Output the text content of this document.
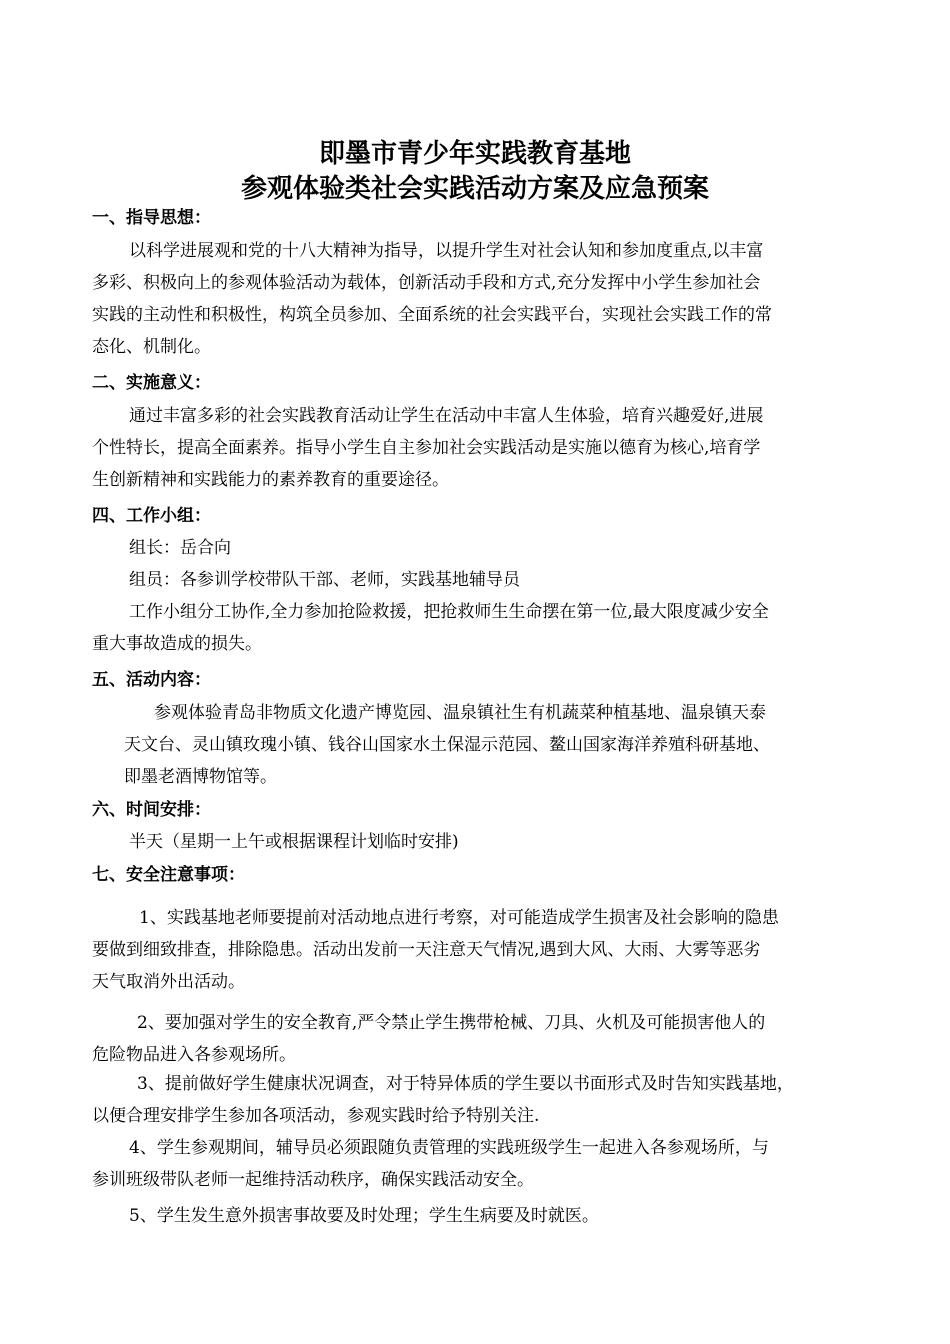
即墨市青少年实践教育基地
参观体验类社会实践活动方案及应急预案
一、指导思想：
以科学进展观和党的十八大精神为指导，以提升学生对社会认知和参加度重点,以丰富
多彩、积极向上的参观体验活动为载体，创新活动手段和方式,充分发挥中小学生参加社会
实践的主动性和积极性，构筑全员参加、全面系统的社会实践平台，实现社会实践工作的常
态化、机制化。
二、实施意义：
通过丰富多彩的社会实践教育活动让学生在活动中丰富人生体验，培育兴趣爱好,进展
个性特长，提高全面素养。指导小学生自主参加社会实践活动是实施以德育为核心,培育学
生创新精神和实践能力的素养教育的重要途径。
四、工作小组：
组长：岳合向
组员：各参训学校带队干部、老师，实践基地辅导员
工作小组分工协作,全力参加抢险救援，把抢救师生生命摆在第一位,最大限度减少安全
重大事故造成的损失。
五、活动内容：
参观体验青岛非物质文化遗产博览园、温泉镇社生有机蔬菜种植基地、温泉镇天泰
天文台、灵山镇玫瑰小镇、钱谷山国家水土保湿示范园、鳌山国家海洋养殖科研基地、
即墨老酒博物馆等。
六、时间安排：
半天（星期一上午或根据课程计划临时安排)
七、安全注意事项：
1、实践基地老师要提前对活动地点进行考察，对可能造成学生损害及社会影响的隐患
要做到细致排查，排除隐患。活动出发前一天注意天气情况,遇到大风、大雨、大雾等恶劣
天气取消外出活动。
2、要加强对学生的安全教育,严令禁止学生携带枪械、刀具、火机及可能损害他人的
危险物品进入各参观场所。
3、提前做好学生健康状况调查，对于特异体质的学生要以书面形式及时告知实践基地，
以便合理安排学生参加各项活动，参观实践时给予特别关注.
4、学生参观期间，辅导员必须跟随负责管理的实践班级学生一起进入各参观场所，与
参训班级带队老师一起维持活动秩序，确保实践活动安全。
5、学生发生意外损害事故要及时处理；学生生病要及时就医。
